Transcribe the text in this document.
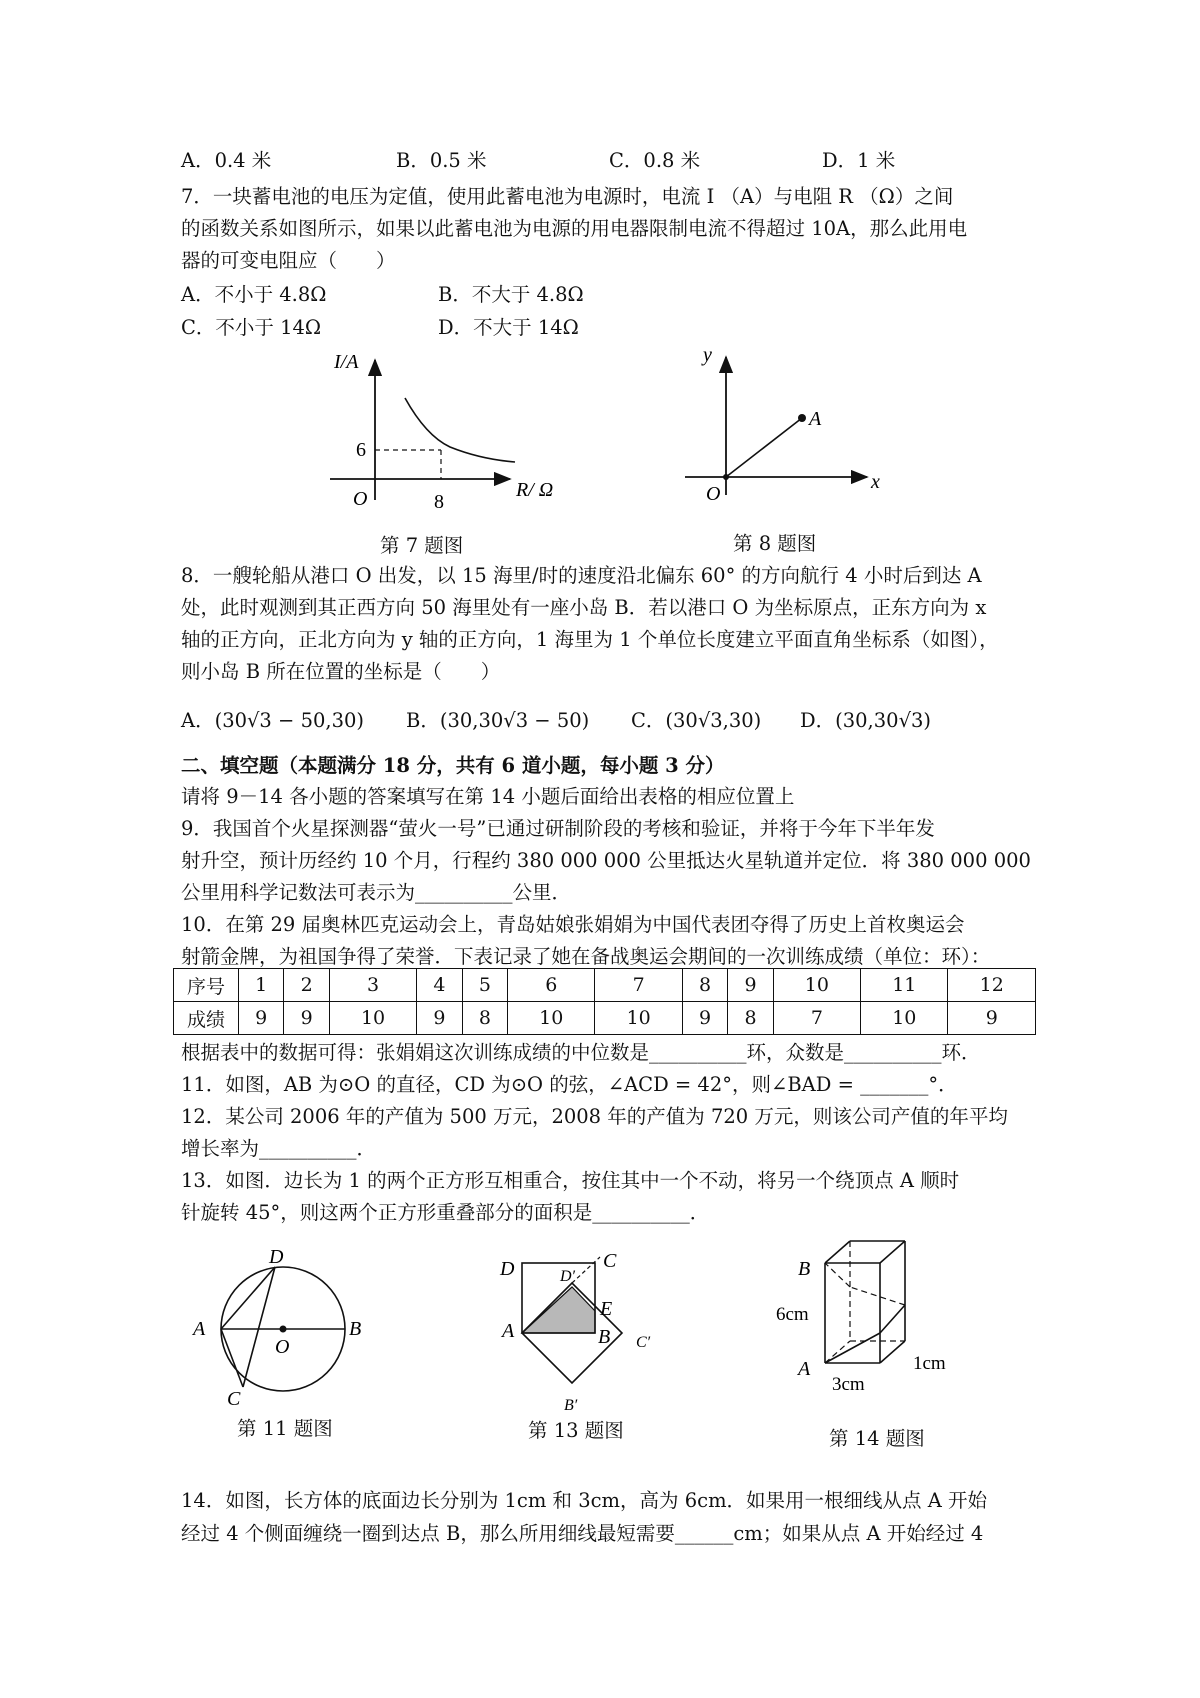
A．0.4 米	B．0.5 米	C．0.8 米	D．1 米
7．一块蓄电池的电压为定值，使用此蓄电池为电源时，电流 I （A）与电阻 R （Ω）之间
的函数关系如图所示，如果以此蓄电池为电源的用电器限制电流不得超过 10A，那么此用电
器的可变电阻应（　　）
A．不小于 4.8Ω	B．不大于 4.8Ω
C．不小于 14Ω	D．不大于 14Ω
I/A
R/ Ω
O
6
8
第 7 题图
y
x
O
A
第 8 题图
8．一艘轮船从港口 O 出发，以 15 海里/时的速度沿北偏东 60° 的方向航行 4 小时后到达 A
处，此时观测到其正西方向 50 海里处有一座小岛 B．若以港口 O 为坐标原点，正东方向为 x
轴的正方向，正北方向为 y 轴的正方向，1 海里为 1 个单位长度建立平面直角坐标系（如图），
则小岛 B 所在位置的坐标是（　　）
A．(30√3 − 50,30) B．(30,30√3 − 50) C．(30√3,30) D．(30,30√3)
二、填空题（本题满分 18 分，共有 6 道小题，每小题 3 分）
请将 9－14 各小题的答案填写在第 14 小题后面给出表格的相应位置上
9．我国首个火星探测器“萤火一号”已通过研制阶段的考核和验证，并将于今年下半年发
射升空，预计历经约 10 个月，行程约 380 000 000 公里抵达火星轨道并定位．将 380 000 000
公里用科学记数法可表示为__________公里．
10．在第 29 届奥林匹克运动会上，青岛姑娘张娟娟为中国代表团夺得了历史上首枚奥运会
射箭金牌，为祖国争得了荣誉．下表记录了她在备战奥运会期间的一次训练成绩（单位：环）：
序号	1	2	3	4	5	6	7	8	9	10	11	12
成绩	9	9	10	9	8	10	10	9	8	7	10	9
根据表中的数据可得：张娟娟这次训练成绩的中位数是__________环，众数是__________环．
11．如图，AB 为⊙O 的直径，CD 为⊙O 的弦，∠ACD = 42°，则∠BAD = _______°．
12．某公司 2006 年的产值为 500 万元，2008 年的产值为 720 万元，则该公司产值的年平均
增长率为__________．
13．如图．边长为 1 的两个正方形互相重合，按住其中一个不动，将另一个绕顶点 A 顺时
针旋转 45°，则这两个正方形重叠部分的面积是__________．
D
A
O
B
C
第 11 题图
D	D′
C
E
A	B C′
B′
第 13 题图
B
6cm
A
3cm
1cm
第 14 题图
14．如图，长方体的底面边长分别为 1cm 和 3cm，高为 6cm．如果用一根细线从点 A 开始
经过 4 个侧面缠绕一圈到达点 B，那么所用细线最短需要______cm；如果从点 A 开始经过 4
